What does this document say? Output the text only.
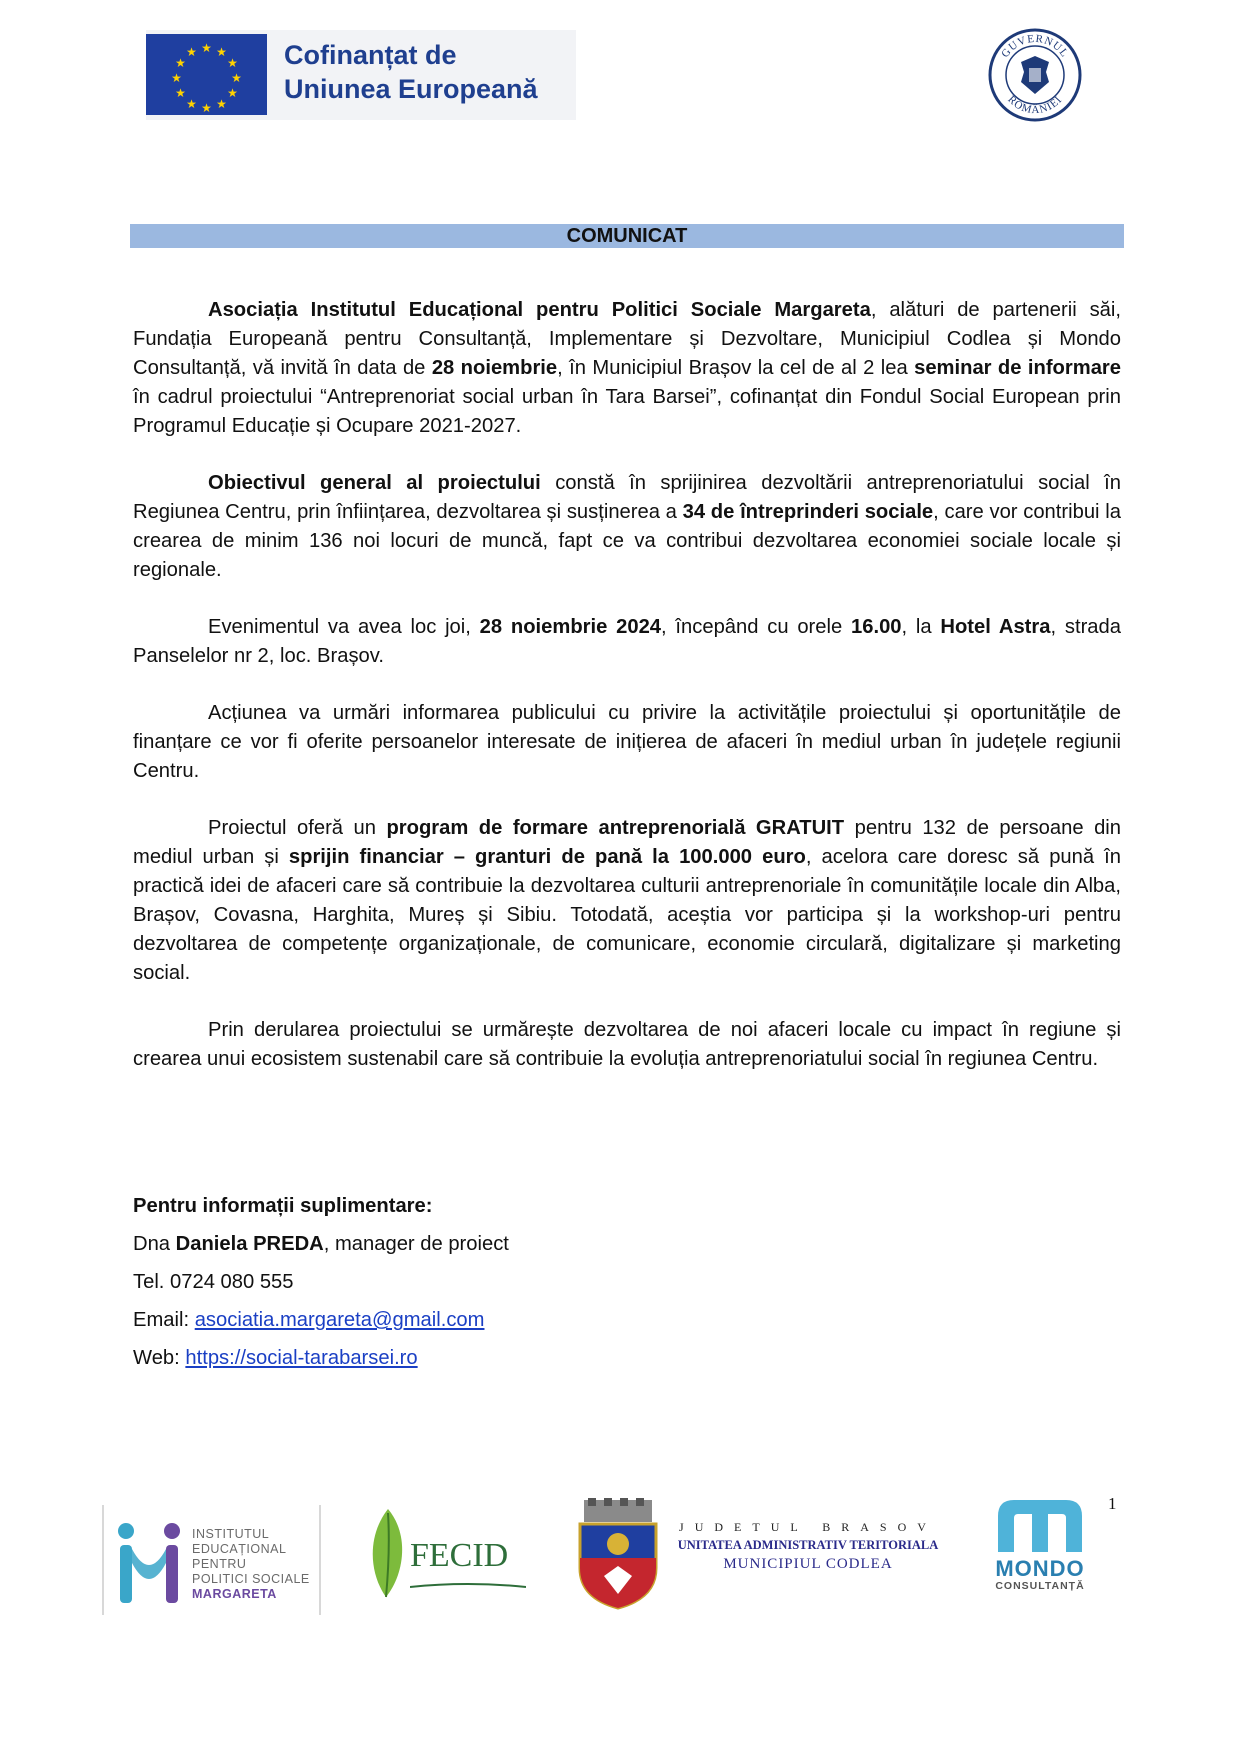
★ ★
★
★
★
★
★
★
★
★
★
★	Cofinanțat de
Uniunea Europeană
GUVERNUL
ROMÂNIEI
COMUNICAT

Asociația Institutul Educațional pentru Politici Sociale Margareta, alături de partenerii săi, Fundația Europeană pentru Consultanță, Implementare și Dezvoltare, Municipiul Codlea și Mondo Consultanță, vă invită în data de 28 noiembrie, în Municipiul Brașov la cel de al 2 lea seminar de informare în cadrul proiectului “Antreprenoriat social urban în Tara Barsei”, cofinanțat din Fondul Social European prin Programul Educație și Ocupare 2021-2027.

Obiectivul general al proiectului constă în sprijinirea dezvoltării antreprenoriatului social în Regiunea Centru, prin înființarea, dezvoltarea și susținerea a 34 de întreprinderi sociale, care vor contribui la crearea de minim 136 noi locuri de muncă, fapt ce va contribui dezvoltarea economiei sociale locale și regionale.

Evenimentul va avea loc joi, 28 noiembrie 2024, începând cu orele 16.00, la Hotel Astra, strada Panselelor nr 2, loc. Brașov.

Acțiunea va urmări informarea publicului cu privire la activitățile proiectului și oportunitățile de finanțare ce vor fi oferite persoanelor interesate de inițierea de afaceri în mediul urban în județele regiunii Centru.

Proiectul oferă un program de formare antreprenorială GRATUIT pentru 132 de persoane din mediul urban și sprijin financiar – granturi de pană la 100.000 euro, acelora care doresc să pună în practică idei de afaceri care să contribuie la dezvoltarea culturii antreprenoriale în comunitățile locale din Alba, Brașov, Covasna, Harghita, Mureș și Sibiu. Totodată, aceștia vor participa și la workshop-uri pentru dezvoltarea de competențe organizaționale, de comunicare, economie circulară, digitalizare și marketing social.

Prin derularea proiectului se urmărește dezvoltarea de noi afaceri locale cu impact în regiune și crearea unui ecosistem sustenabil care să contribuie la evoluția antreprenoriatului social în regiunea Centru.

Pentru informații suplimentare:
Dna Daniela PREDA, manager de proiect
Tel. 0724 080 555
Email: asociatia.margareta@gmail.com
Web: https://social-tarabarsei.ro
1
INSTITUTUL
EDUCAȚIONAL
PENTRU
POLITICI SOCIALE
MARGARETA
FECID
JUDETUL BRASOV
UNITATEA ADMINISTRATIV TERITORIALA
MUNICIPIUL CODLEA	MONDO
CONSULTANȚĂ
